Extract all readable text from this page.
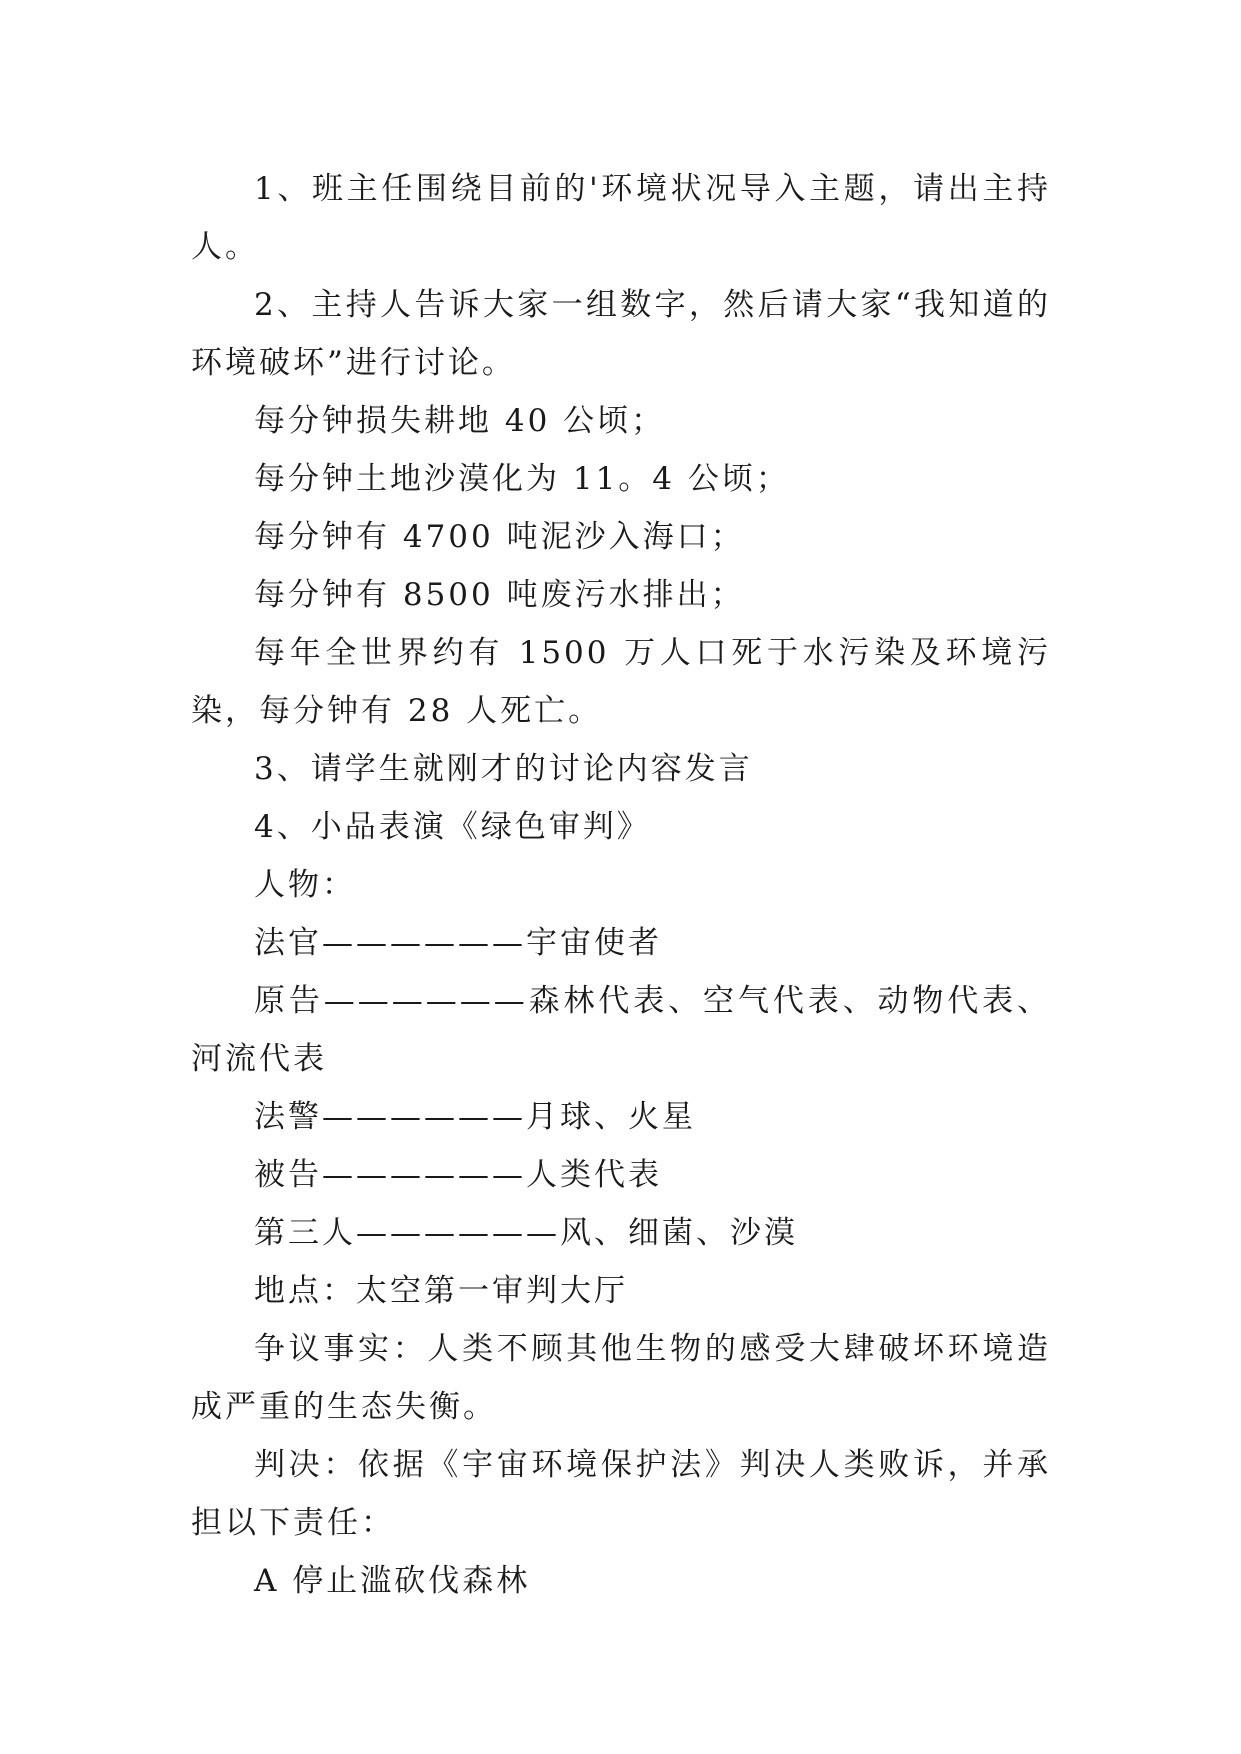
1、班主任围绕目前的'环境状况导入主题，请出主持人。

2、主持人告诉大家一组数字，然后请大家“我知道的环境破坏”进行讨论。

每分钟损失耕地 40 公顷；

每分钟土地沙漠化为 11。4 公顷；

每分钟有 4700 吨泥沙入海口；

每分钟有 8500 吨废污水排出；

每年全世界约有 1500 万人口死于水污染及环境污染，每分钟有 28 人死亡。

3、请学生就刚才的讨论内容发言

4、小品表演《绿色审判》

人物：

法官——————宇宙使者

原告——————森林代表、空气代表、动物代表、河流代表

法警——————月球、火星

被告——————人类代表

第三人——————风、细菌、沙漠

地点：太空第一审判大厅

争议事实：人类不顾其他生物的感受大肆破坏环境造成严重的生态失衡。

判决：依据《宇宙环境保护法》判决人类败诉，并承担以下责任：

A 停止滥砍伐森林
